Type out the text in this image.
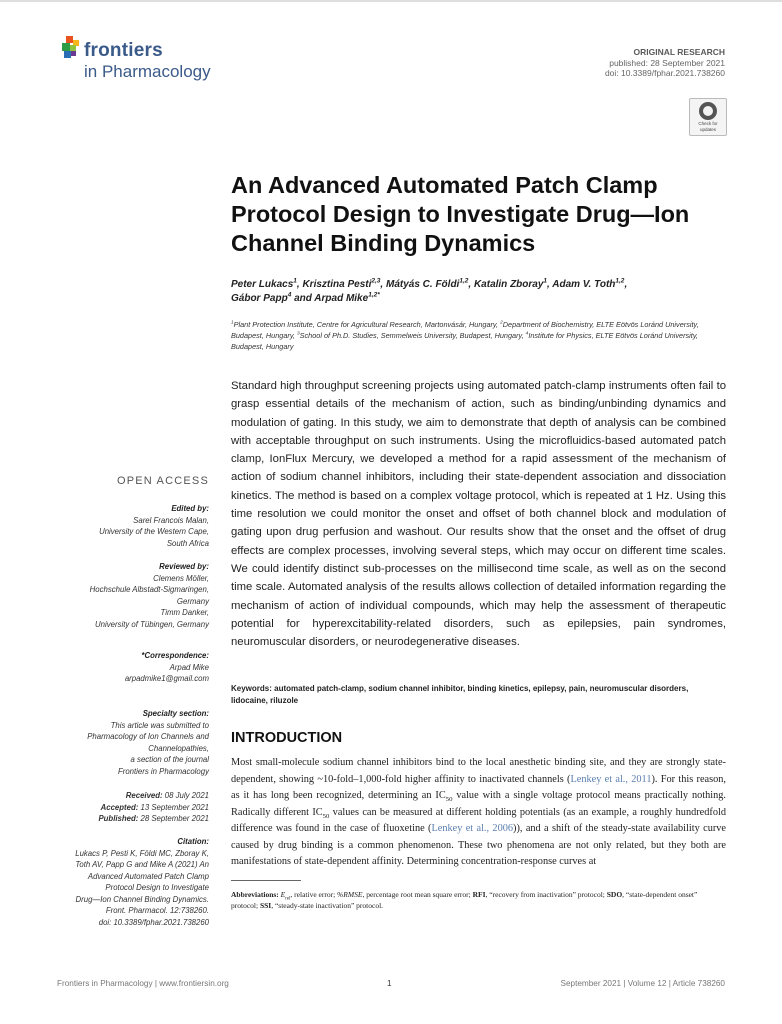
frontiers
in Pharmacology
ORIGINAL RESEARCH
published: 28 September 2021
doi: 10.3389/fphar.2021.738260
Check for
updates
An Advanced Automated Patch Clamp Protocol Design to Investigate Drug—Ion Channel Binding Dynamics
Peter Lukacs$^1$, Krisztina Pesti$^{2,3}$, Mátyás C. Földi$^{1,2}$, Katalin Zboray$^1$, Adam V. Toth$^{1,2}$,
Gábor Papp$^4$ and Arpad Mike$^{1,2*}$
$^1$Plant Protection Institute, Centre for Agricultural Research, Martonvásár, Hungary, $^2$Department of Biochemistry, ELTE Eötvös Loránd University, Budapest, Hungary, $^3$School of Ph.D. Studies, Semmelweis University, Budapest, Hungary, $^4$Institute for Physics, ELTE Eötvös Loránd University, Budapest, Hungary
Standard high throughput screening projects using automated patch-clamp instruments often fail to grasp essential details of the mechanism of action, such as binding/unbinding dynamics and modulation of gating. In this study, we aim to demonstrate that depth of analysis can be combined with acceptable throughput on such instruments. Using the microfluidics-based automated patch clamp, IonFlux Mercury, we developed a method for a rapid assessment of the mechanism of action of sodium channel inhibitors, including their state-dependent association and dissociation kinetics. The method is based on a complex voltage protocol, which is repeated at 1 Hz. Using this time resolution we could monitor the onset and offset of both channel block and modulation of gating upon drug perfusion and washout. Our results show that the onset and the offset of drug effects are complex processes, involving several steps, which may occur on different time scales. We could identify distinct sub-processes on the millisecond time scale, as well as on the second time scale. Automated analysis of the results allows collection of detailed information regarding the mechanism of action of individual compounds, which may help the assessment of therapeutic potential for hyperexcitability-related disorders, such as epilepsies, pain syndromes, neuromuscular disorders, or neurodegenerative diseases.
Keywords: automated patch-clamp, sodium channel inhibitor, binding kinetics, epilepsy, pain, neuromuscular disorders, lidocaine, riluzole
INTRODUCTION
Most small-molecule sodium channel inhibitors bind to the local anesthetic binding site, and they are strongly state-dependent, showing ~10-fold–1,000-fold higher affinity to inactivated channels (Lenkey et al., 2011). For this reason, as it has long been recognized, determining an $IC_{50}$ value with a single voltage protocol means practically nothing. Radically different $IC_{50}$ values can be measured at different holding potentials (as an example, a roughly hundredfold difference was found in the case of fluoxetine (Lenkey et al., 2006)), and a shift of the steady-state availability curve caused by drug binding is a common phenomenon. These two phenomena are not only related, but they both are manifestations of state-dependent affinity. Determining concentration-response curves at
Abbreviations: $E_{rel}$, relative error; %RMSE, percentage root mean square error; RFI, “recovery from inactivation” protocol; SDO, “state-dependent onset” protocol; SSI, “steady-state inactivation” protocol.
OPEN ACCESS
Edited by:
Sarel Francois Malan,
University of the Western Cape,
South Africa
Reviewed by:
Clemens Möller,
Hochschule Albstadt-Sigmaringen,
Germany
Timm Danker,
University of Tübingen, Germany
*Correspondence:
Arpad Mike
arpadmike1@gmail.com
Specialty section:
This article was submitted to
Pharmacology of Ion Channels and
Channelopathies,
a section of the journal
Frontiers in Pharmacology
Received: 08 July 2021
Accepted: 13 September 2021
Published: 28 September 2021
Citation:
Lukacs P, Pesti K, Földi MC, Zboray K,
Toth AV, Papp G and Mike A (2021) An
Advanced Automated Patch Clamp
Protocol Design to Investigate
Drug—Ion Channel Binding Dynamics.
Front. Pharmacol. 12:738260.
doi: 10.3389/fphar.2021.738260
Frontiers in Pharmacology | www.frontiersin.org	1	September 2021 | Volume 12 | Article 738260
